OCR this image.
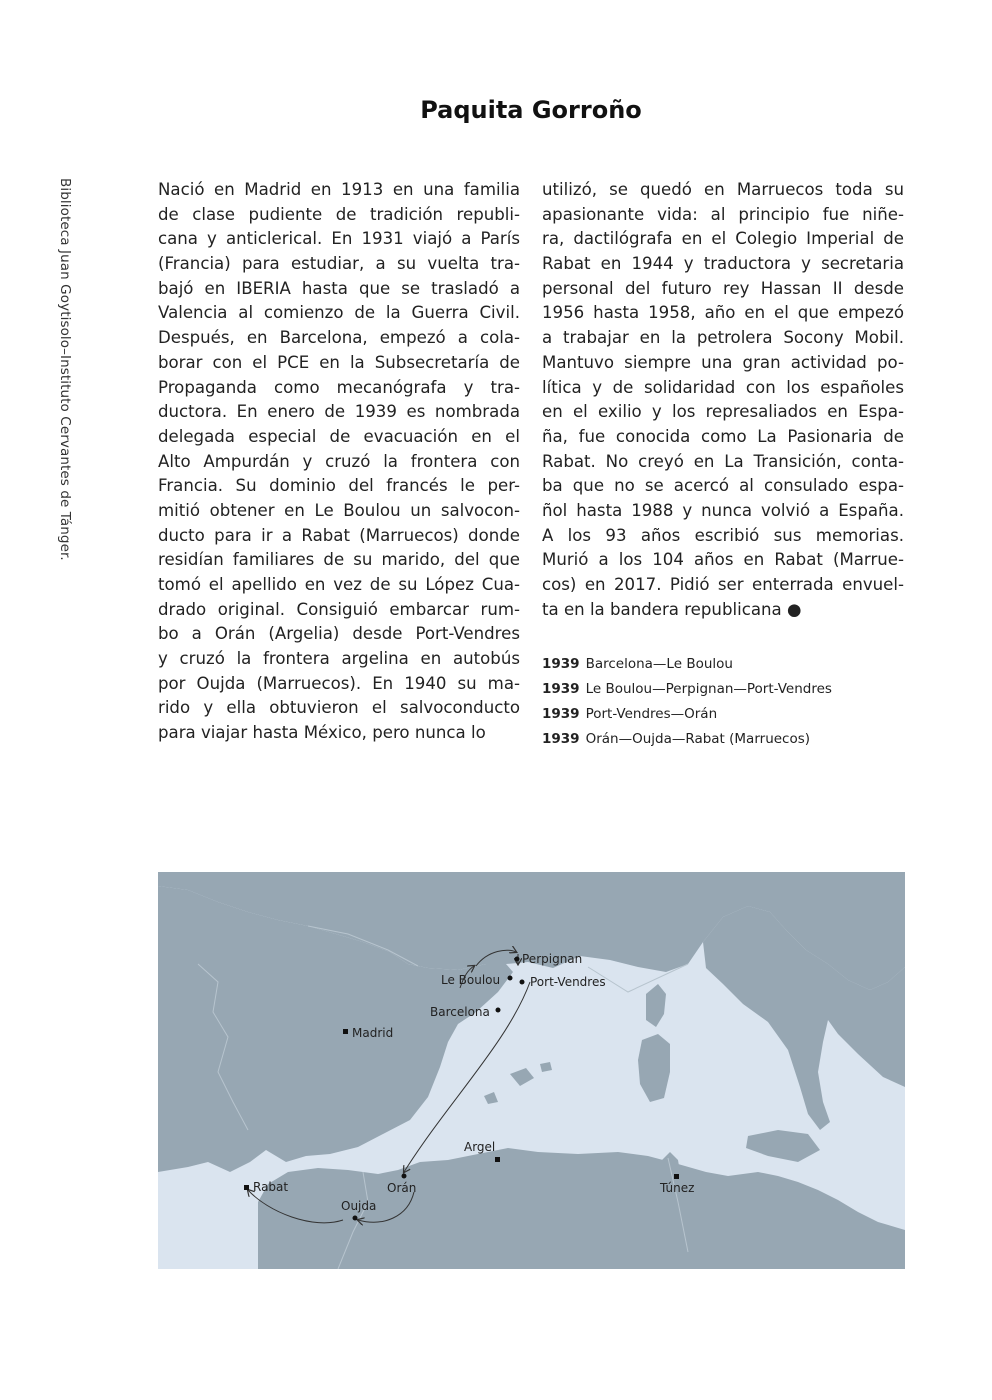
Biblioteca Juan Goytisolo–Instituto Cervantes de Tánger.
Paquita Gorroño
Nació en Madrid en 1913 en una familia
de clase pudiente de tradición republi-
cana y anticlerical. En 1931 viajó a París
(Francia) para estudiar, a su vuelta tra-
bajó en IBERIA hasta que se trasladó a
Valencia al comienzo de la Guerra Civil.
Después, en Barcelona, empezó a cola-
borar con el PCE en la Subsecretaría de
Propaganda como mecanógrafa y tra-
ductora. En enero de 1939 es nombrada
delegada especial de evacuación en el
Alto Ampurdán y cruzó la frontera con
Francia. Su dominio del francés le per-
mitió obtener en Le Boulou un salvocon-
ducto para ir a Rabat (Marruecos) donde
residían familiares de su marido, del que
tomó el apellido en vez de su López Cua-
drado original. Consiguió embarcar rum-
bo a Orán (Argelia) desde Port-Vendres
y cruzó la frontera argelina en autobús
por Oujda (Marruecos). En 1940 su ma-
rido y ella obtuvieron el salvoconducto
para viajar hasta México, pero nunca lo
utilizó, se quedó en Marruecos toda su
apasionante vida: al principio fue niñe-
ra, dactilógrafa en el Colegio Imperial de
Rabat en 1944 y traductora y secretaria
personal del futuro rey Hassan II desde
1956 hasta 1958, año en el que empezó
a trabajar en la petrolera Socony Mobil.
Mantuvo siempre una gran actividad po-
lítica y de solidaridad con los españoles
en el exilio y los represaliados en Espa-
ña, fue conocida como La Pasionaria de
Rabat. No creyó en La Transición, conta-
ba que no se acercó al consulado espa-
ñol hasta 1988 y nunca volvió a España.
A los 93 años escribió sus memorias.
Murió a los 104 años en Rabat (Marrue-
cos) en 2017. Pidió ser enterrada envuel-
ta en la bandera republicana ●
1939 Barcelona—Le Boulou
1939 Le Boulou—Perpignan—Port-Vendres
1939 Port-Vendres—Orán
1939 Orán—Oujda—Rabat (Marruecos)
Madrid
Perpignan
Le Boulou Port-Vendres
Barcelona
Argel
Orán
Rabat
Oujda
Túnez
